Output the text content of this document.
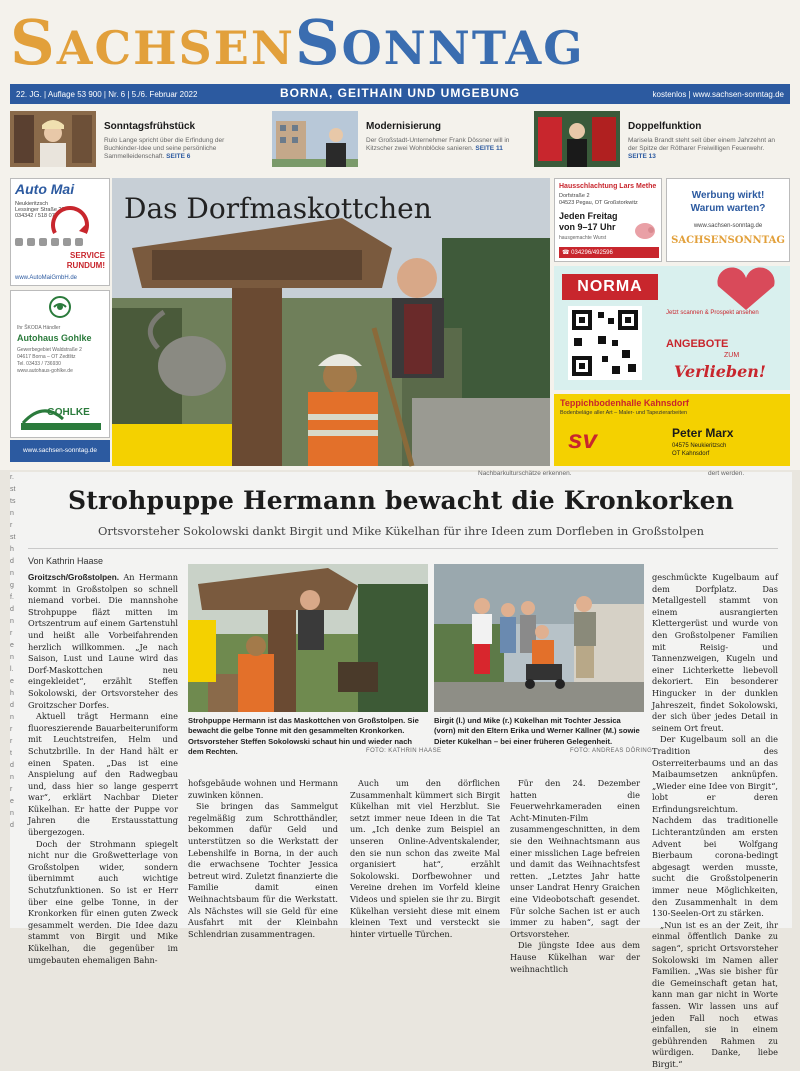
SACHSENSONNTAG
22. JG. | Auflage 53 900 | Nr. 6 | 5./6. Februar 2022	BORNA, GEITHAIN UND UMGEBUNG	kostenlos | www.sachsen-sonntag.de
Sonntagsfrühstück
Rulo Lange spricht über die Erfindung der Buchkinder-Idee und seine persönliche Sammelleidenschaft. SEITE 6
Modernisierung
Der Großstadt-Unternehmer Frank Dössner will in Kitzscher zwei Wohnblöcke sanieren. SEITE 11
Doppelfunktion
Marisela Brandt steht seit über einem Jahrzehnt an der Spitze der Rötharer Freiwilligen Feuerwehr. SEITE 13
Auto Mai
Neukieritzsch
Lessinger Straße 27
034342 / 518 07
SERVICE
RUNDUM!
www.AutoMaiGmbH.de
Ihr ŠKODA Händler
Autohaus Gohlke
Gewerbegebiet Waldstraße 2
04617 Borna – OT Zedtlitz
Tel. 03433 / 736930
www.autohaus-gohlke.de
GOHLKE
www.sachsen-sonntag.de
Das Dorfmaskottchen
Hausschlachtung Lars Methe
Dorfstraße 2
04523 Pegau, OT Großstorkwitz
Jeden Freitag
von 9–17 Uhr
hausgemachte Wurst
☎ 034296/492596
Werbung wirkt!
Warum warten?
www.sachsen-sonntag.de
SACHSENSONNTAG
NORMA
Jetzt scannen & Prospekt ansehen
ANGEBOTE
ZUM
Verlieben!
Teppichbodenhalle Kahnsdorf
Bodenbeläge aller Art – Maler- und Tapezierarbeiten
sv	Peter Marx
04575 Neukieritzsch
OT Kahnsdorf
r.
st
ts
n
r
st
h
d
n
g
f.
d
n
r
e
n
l.
e
h
d
n
r
r
t
d
n
r
e
n
d
Nachbarkulturschätze erkennen.	dert werden.
Strohpuppe Hermann bewacht die Kronkorken
Ortsvorsteher Sokolowski dankt Birgit und Mike Kükelhan für ihre Ideen zum Dorfleben in Großstolpen
Von Kathrin Haase

Groitzsch/Großstolpen. An Hermann kommt in Großstolpen so schnell niemand vorbei. Die mannshohe Strohpuppe fläzt mitten im Ortszentrum auf einem Gartenstuhl und heißt alle Vorbeifahrenden herzlich willkommen. „Je nach Saison, Lust und Laune wird das Dorf-Maskottchen neu eingekleidet“, erzählt Steffen Sokolowski, der Ortsvorsteher des Groitzscher Dorfes.

Aktuell trägt Hermann eine fluoreszierende Bauarbeiteruniform mit Leuchtstreifen, Helm und Schutzbrille. In der Hand hält er einen Spaten. „Das ist eine Anspielung auf den Radwegbau und, dass hier so lange gesperrt war“, erklärt Nachbar Dieter Kükelhan. Er hatte der Puppe vor Jahren die Erstausstattung übergezogen.

Doch der Strohmann spiegelt nicht nur die Großwetterlage von Großstolpen wider, sondern übernimmt auch wichtige Schutzfunktionen. So ist er Herr über eine gelbe Tonne, in der Kronkorken für einen guten Zweck gesammelt werden. Die Idee dazu stammt von Birgit und Mike Kükelhan, die gegenüber im umgebauten ehemaligen Bahn-

Strohpuppe Hermann ist das Maskottchen von Großstolpen. Sie bewacht die gelbe Tonne mit den gesammelten Kronkorken. Ortsvorsteher Steffen Sokolowski schaut hin und wieder nach dem Rechten.	FOTO: KATHRIN HAASE
Birgit (l.) und Mike (r.) Kükelhan mit Tochter Jessica (vorn) mit den Eltern Erika und Werner Källner (M.) sowie Dieter Kükelhan – bei einer früheren Gelegenheit.
FOTO: ANDREAS DÖRING

hofsgebäude wohnen und Hermann zuwinken können.

Sie bringen das Sammelgut regelmäßig zum Schrotthändler, bekommen dafür Geld und unterstützen so die Werkstatt der Lebenshilfe in Borna, in der auch die erwachsene Tochter Jessica betreut wird. Zuletzt finanzierte die Familie damit einen Weihnachtsbaum für die Werkstatt. Als Nächstes will sie Geld für eine Ausfahrt mit der Kleinbahn Schlendrian zusammentragen.

Auch um den dörflichen Zusammenhalt kümmert sich Birgit Kükelhan mit viel Herzblut. Sie setzt immer neue Ideen in die Tat um. „Ich denke zum Beispiel an unseren Online-Adventskalender, den sie nun schon das zweite Mal organisiert hat“, erzählt Sokolowski. Dorfbewohner und Vereine drehen im Vorfeld kleine Videos und spielen sie ihr zu. Birgit Kükelhan versieht diese mit einem kleinen Text und versteckt sie hinter virtuelle Türchen.

Für den 24. Dezember hatten die Feuerwehrkameraden einen Acht-Minuten-Film zusammengeschnitten, in dem sie den Weihnachtsmann aus einer misslichen Lage befreien und damit das Weihnachtsfest retten. „Letztes Jahr hatte unser Landrat Henry Graichen eine Videobotschaft gesendet. Für solche Sachen ist er auch immer zu haben“, sagt der Ortsvorsteher.

Die jüngste Idee aus dem Hause Kükelhan war der weihnachtlich

geschmückte Kugelbaum auf dem Dorfplatz. Das Metallgestell stammt von einem ausrangierten Klettergerüst und wurde von den Großstolpener Familien mit Reisig- und Tannenzweigen, Kugeln und einer Lichterkette liebevoll dekoriert. Ein besonderer Hingucker in der dunklen Jahreszeit, findet Sokolowski, der sich über jedes Detail in seinem Ort freut.

Der Kugelbaum soll an die Tradition des Osterreiterbaums und an das Maibaumsetzen anknüpfen. „Wieder eine Idee von Birgit“, lobt er deren Erfindungsreichtum. Nachdem das traditionelle Lichterantzünden am ersten Advent bei Wolfgang Bierbaum corona-bedingt abgesagt werden musste, sucht die Großstolpenerin immer neue Möglichkeiten, den Zusammenhalt in dem 130-Seelen-Ort zu stärken.

„Nun ist es an der Zeit, ihr einmal öffentlich Danke zu sagen“, spricht Ortsvorsteher Sokolowski im Namen aller Familien. „Was sie bisher für die Gemeinschaft getan hat, kann man gar nicht in Worte fassen. Wir lassen uns auf jeden Fall noch etwas einfallen, sie in einem gebührenden Rahmen zu würdigen. Danke, liebe Birgit.“
